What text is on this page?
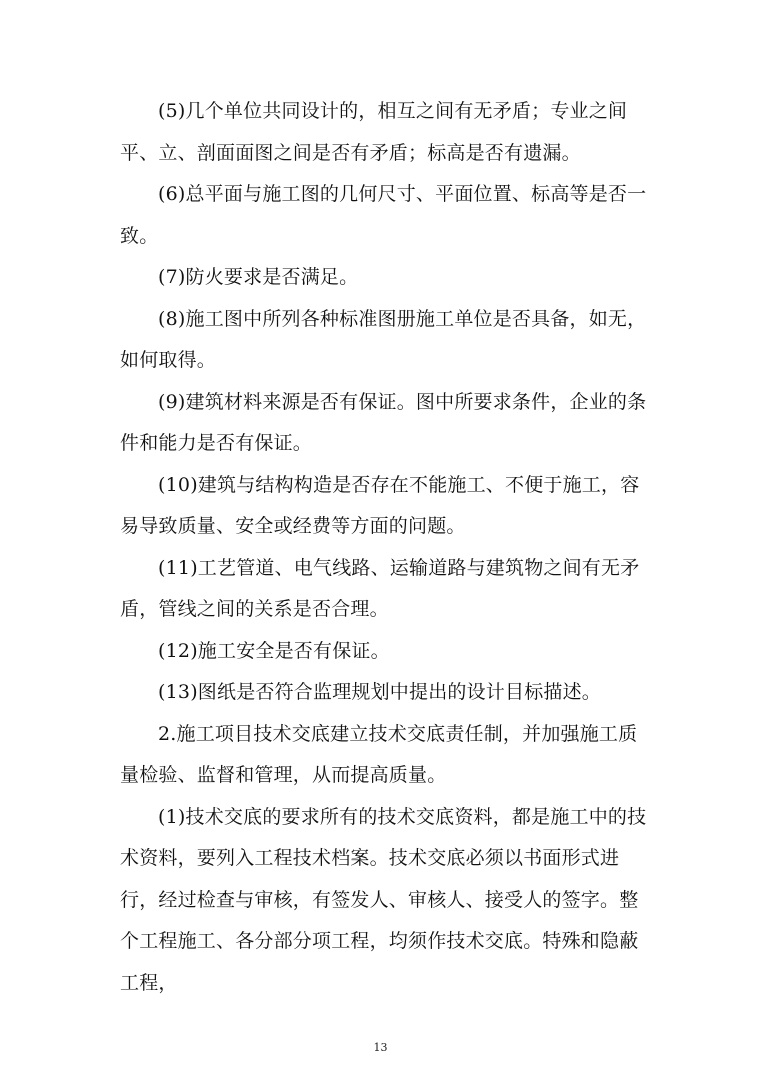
(5)几个单位共同设计的，相互之间有无矛盾；专业之间平、立、剖面面图之间是否有矛盾；标高是否有遗漏。

(6)总平面与施工图的几何尺寸、平面位置、标高等是否一致。

(7)防火要求是否满足。

(8)施工图中所列各种标准图册施工单位是否具备，如无，如何取得。

(9)建筑材料来源是否有保证。图中所要求条件，企业的条件和能力是否有保证。

(10)建筑与结构构造是否存在不能施工、不便于施工，容易导致质量、安全或经费等方面的问题。

(11)工艺管道、电气线路、运输道路与建筑物之间有无矛盾，管线之间的关系是否合理。

(12)施工安全是否有保证。

(13)图纸是否符合监理规划中提出的设计目标描述。

2.施工项目技术交底建立技术交底责任制，并加强施工质量检验、监督和管理，从而提高质量。

(1)技术交底的要求所有的技术交底资料，都是施工中的技术资料，要列入工程技术档案。技术交底必须以书面形式进行，经过检查与审核，有签发人、审核人、接受人的签字。整个工程施工、各分部分项工程，均须作技术交底。特殊和隐蔽工程，

13
